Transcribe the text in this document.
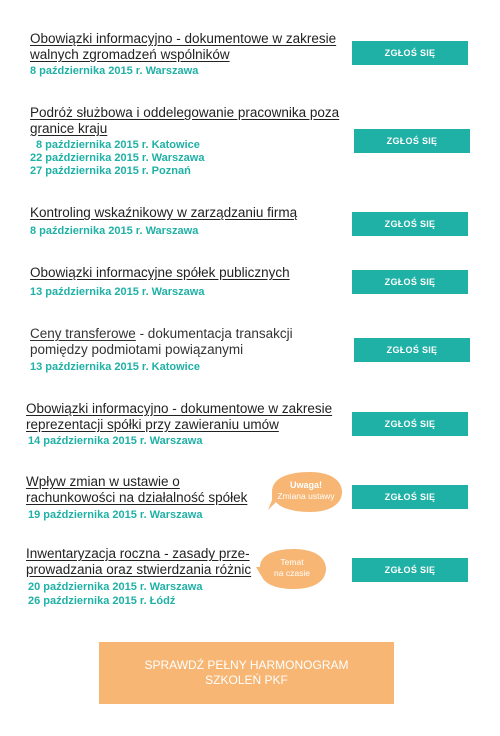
Obowiązki informacyjno - dokumentowe w zakresie
walnych zgromadzeń wspólników
8 października 2015 r. Warszawa
ZGŁOŚ SIĘ
Podróż służbowa i oddelegowanie pracownika poza
granice kraju
8 października 2015 r. Katowice
22 października 2015 r. Warszawa
27 października 2015 r. Poznań
ZGŁOŚ SIĘ
Kontroling wskaźnikowy w zarządzaniu firmą
8 października 2015 r. Warszawa
ZGŁOŚ SIĘ
Obowiązki informacyjne spółek publicznych
13 października 2015 r. Warszawa
ZGŁOŚ SIĘ
Ceny transferowe - dokumentacja transakcji
pomiędzy podmiotami powiązanymi
13 października 2015 r. Katowice
ZGŁOŚ SIĘ
Obowiązki informacyjno - dokumentowe w zakresie
reprezentacji spółki przy zawieraniu umów
14 października 2015 r. Warszawa
ZGŁOŚ SIĘ
Wpływ zmian w ustawie o
rachunkowości na działalność spółek
19 października 2015 r. Warszawa
Uwaga!
Zmiana ustawy	ZGŁOŚ SIĘ
Inwentaryzacja roczna - zasady prze-
prowadzania oraz stwierdzania różnic
20 października 2015 r. Warszawa
26 października 2015 r. Łódź
Temat
na czasie	ZGŁOŚ SIĘ
SPRAWDŹ PEŁNY HARMONOGRAM
SZKOLEŃ PKF
